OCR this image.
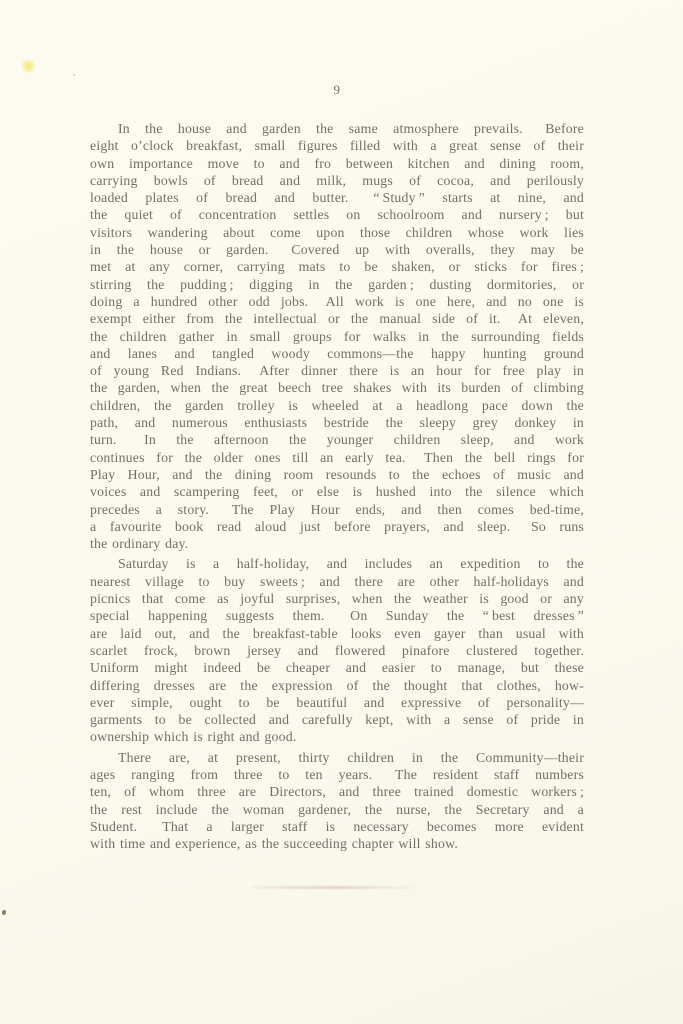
9

In the house and garden the same atmosphere prevails.  Before
eight o’clock breakfast, small figures filled with a great sense of their
own importance move to and fro between kitchen and dining room,
carrying bowls of bread and milk, mugs of cocoa, and perilously
loaded plates of bread and butter.  “ Study ” starts at nine, and
the quiet of concentration settles on schoolroom and nursery ; but
visitors wandering about come upon those children whose work lies
in the house or garden.  Covered up with overalls, they may be
met at any corner, carrying mats to be shaken, or sticks for fires ;
stirring the pudding ; digging in the garden ; dusting dormitories, or
doing a hundred other odd jobs.  All work is one here, and no one is
exempt either from the intellectual or the manual side of it.  At eleven,
the children gather in small groups for walks in the surrounding fields
and lanes and tangled woody commons—the happy hunting ground
of young Red Indians.  After dinner there is an hour for free play in
the garden, when the great beech tree shakes with its burden of climbing
children, the garden trolley is wheeled at a headlong pace down the
path, and numerous enthusiasts bestride the sleepy grey donkey in
turn.  In the afternoon the younger children sleep, and work
continues for the older ones till an early tea.  Then the bell rings for
Play Hour, and the dining room resounds to the echoes of music and
voices and scampering feet, or else is hushed into the silence which
precedes a story.  The Play Hour ends, and then comes bed-time,
a favourite book read aloud just before prayers, and sleep.  So runs
the ordinary day.

Saturday is a half-holiday, and includes an expedition to the
nearest village to buy sweets ; and there are other half-holidays and
picnics that come as joyful surprises, when the weather is good or any
special happening suggests them.  On Sunday the “ best dresses ”
are laid out, and the breakfast-table looks even gayer than usual with
scarlet frock, brown jersey and flowered pinafore clustered together.
Uniform might indeed be cheaper and easier to manage, but these
differing dresses are the expression of the thought that clothes, how-
ever simple, ought to be beautiful and expressive of personality—
garments to be collected and carefully kept, with a sense of pride in
ownership which is right and good.

There are, at present, thirty children in the Community—their
ages ranging from three to ten years.  The resident staff numbers
ten, of whom three are Directors, and three trained domestic workers ;
the rest include the woman gardener, the nurse, the Secretary and a
Student.  That a larger staff is necessary becomes more evident
with time and experience, as the succeeding chapter will show.
